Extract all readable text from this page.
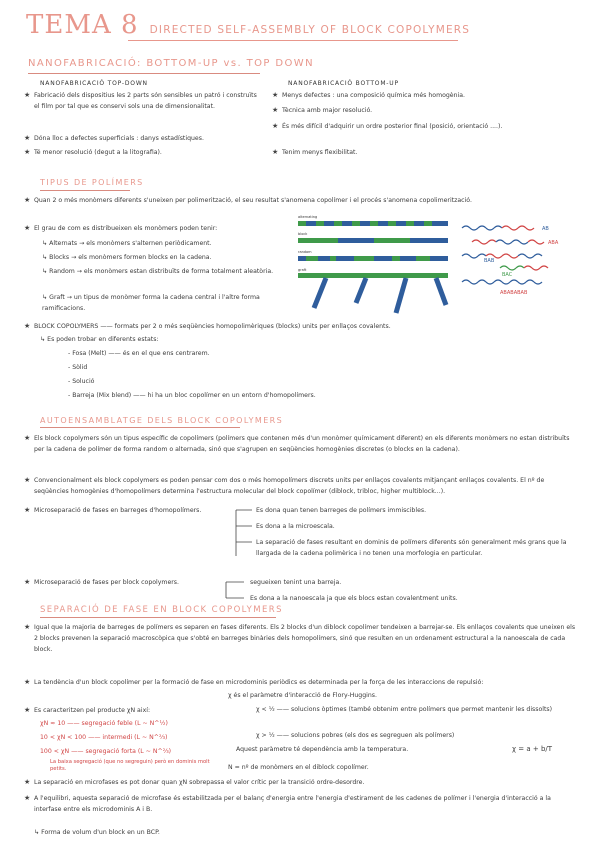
TEMA 8 DIRECTED SELF-ASSEMBLY OF BLOCK COPOLYMERS
NANOFABRICACIÓ: BOTTOM-UP vs. TOP DOWN
NANOFABRICACIÓ TOP-DOWN	NANOFABRICACIÓ BOTTOM-UP
★ Fabricació dels dispositius les 2 parts són sensibles un patró i construïts el film por tal que es conservi sols una de dimensionalitat.
★ Dóna lloc a defectes superficials : danys estadístiques.
★ Té menor resolució (degut a la litografia).
★ Menys defectes : una composició química més homogènia.
★ Tècnica amb major resolució.
★ És més difícil d'adquirir un ordre posterior final (posició, orientació ....).
★ Tenim menys flexibilitat.
TIPUS DE POLÍMERS
★ Quan 2 o més monòmers diferents s'uneixen per polimerització, el seu resultat s'anomena copolímer i el procés s'anomena copolimerització.
★ El grau de com es distribueixen els monòmers poden tenir:
↳ Alternats → els monòmers s'alternen periòdicament.
↳ Blocks → els monòmers formen blocks en la cadena.
↳ Random → els monòmers estan distribuïts de forma totalment aleatòria.
↳ Graft → un tipus de monòmer forma la cadena central i l'altre forma ramificacions.
alternating
block
random
graft
AB
ABA
BAB
BAC
ABABABAB
★ BLOCK COPOLYMERS —— formats per 2 o més seqüències homopolimèriques (blocks) units per enllaços covalents.
↳ Es poden trobar en diferents estats:
- Fosa (Melt) —— és en el que ens centrarem.
- Sòlid
- Solució
- Barreja (Mix blend) —— hi ha un bloc copolímer en un entorn d'homopolímers.
AUTOENSAMBLATGE DELS BLOCK COPOLYMERS
★ Els block copolymers són un tipus específic de copolímers (polímers que contenen més d'un monòmer químicament diferent) en els diferents monòmers no estan distribuïts per la cadena de polímer de forma random o alternada, sinó que s'agrupen en seqüències homogènies discretes (o blocks en la cadena).
★ Convencionalment els block copolymers es poden pensar com dos o més homopolímers discrets units per enllaços covalents mitjançant enllaços covalents. El nº de seqüències homogènies d'homopolímers determina l'estructura molecular del block copolímer (diblock, tribloc, higher multiblock...).
★ Microseparació de fases en barreges d'homopolímers.	Es dona quan tenen barreges de polímers immiscibles.
Es dona a la microescala.
La separació de fases resultant en dominis de polímers diferents són generalment més grans que la llargada de la cadena polimèrica i no tenen una morfologia en particular.
★ Microseparació de fases per block copolymers.	segueixen tenint una barreja.
Es dona a la nanoescala ja que els blocs estan covalentment units.
SEPARACIÓ DE FASE EN BLOCK COPOLYMERS
★ Igual que la majoria de barreges de polímers es separen en fases diferents. Els 2 blocks d'un diblock copolímer tendeixen a barrejar-se. Els enllaços covalents que uneixen els 2 blocks prevenen la separació macroscòpica que s'obté en barreges binàries dels homopolímers, sinó que resulten en un ordenament estructural a la nanoescala de cada block.
★ La tendència d'un block copolímer per la formació de fase en microdominis periòdics es determinada per la força de les interaccions de repulsió:
χ és el paràmetre d'interacció de Flory-Huggins.
χ < ½ —— solucions òptimes (també obtenim entre polímers que permet mantenir les dissolts)
χ > ½ —— solucions pobres (els dos es segreguen als polímers)
Aquest paràmetre té dependència amb la temperatura.	χ = a + b/T
★ Es caracteritzen pel producte χN així:
χN ≈ 10 —— segregació feble (L ~ N^½)
10 < χN < 100 —— intermedi (L ~ N^⅔)
100 < χN —— segregació forta (L ~ N^⅔)
La baixa segregació (que no segreguin) però en dominis molt petits.	N = nº de monòmers en el diblock copolímer.
★ La separació en microfases es pot donar quan χN sobrepassa el valor crític per la transició ordre-desordre.
★ A l'equilibri, aquesta separació de microfase és estabilitzada per el balanç d'energia entre l'energia d'estirament de les cadenes de polímer i l'energia d'interacció a la interfase entre els microdominis A i B.
↳ Forma de volum d'un block en un BCP.
